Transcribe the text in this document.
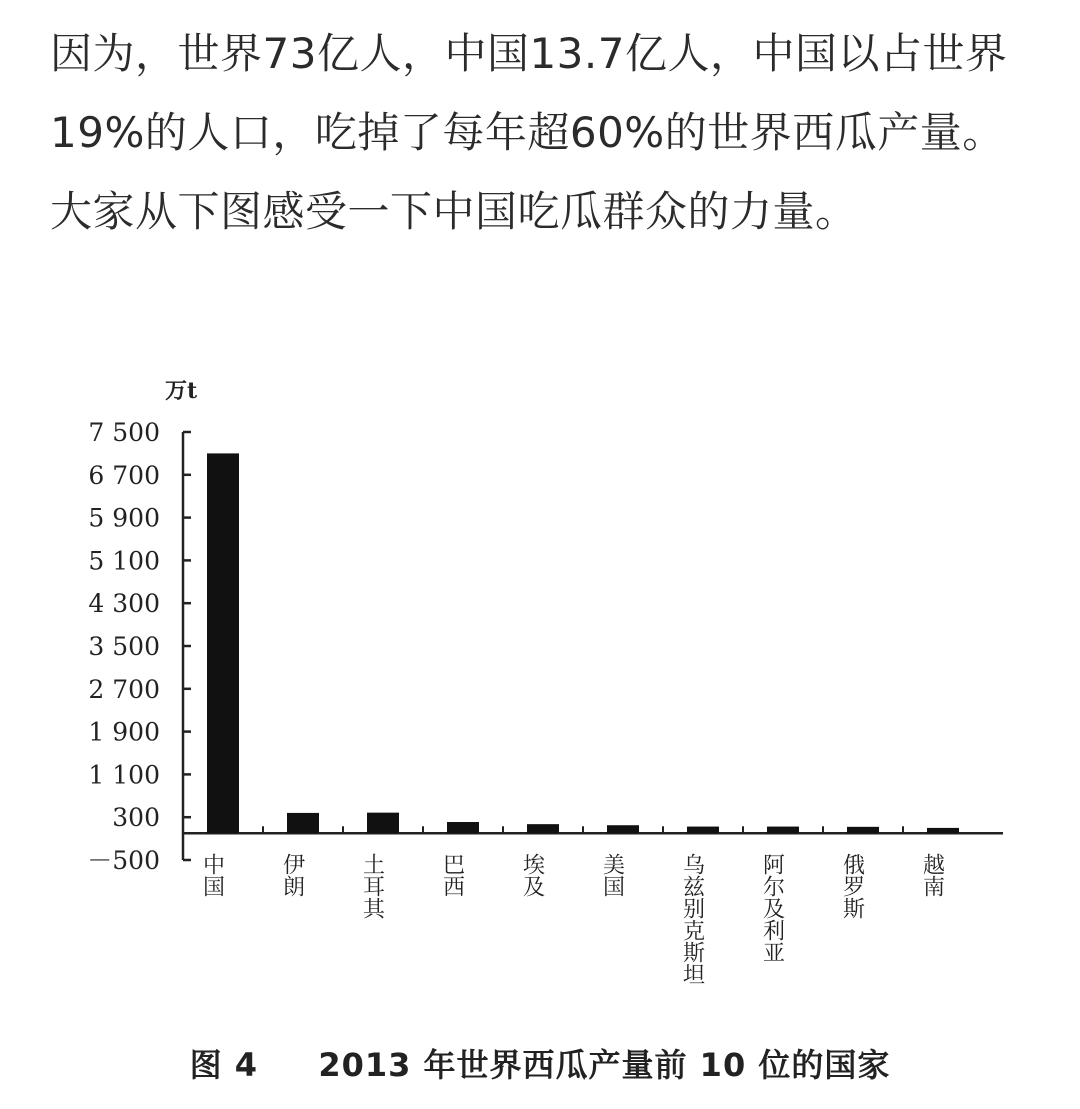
因为，世界73亿人，中国13.7亿人，中国以占世界19%的人口，吃掉了每年超60%的世界西瓜产量。大家从下图感受一下中国吃瓜群众的力量。

万t
－500
300
1 100
1 900
2 700
3 500
4 300
5 100
5 900
6 700
7 500
中国	伊朗	土耳其	巴西	埃及	美国	乌兹别克斯坦	阿尔及利亚	俄罗斯	越南
图 4 2013 年世界西瓜产量前 10 位的国家
